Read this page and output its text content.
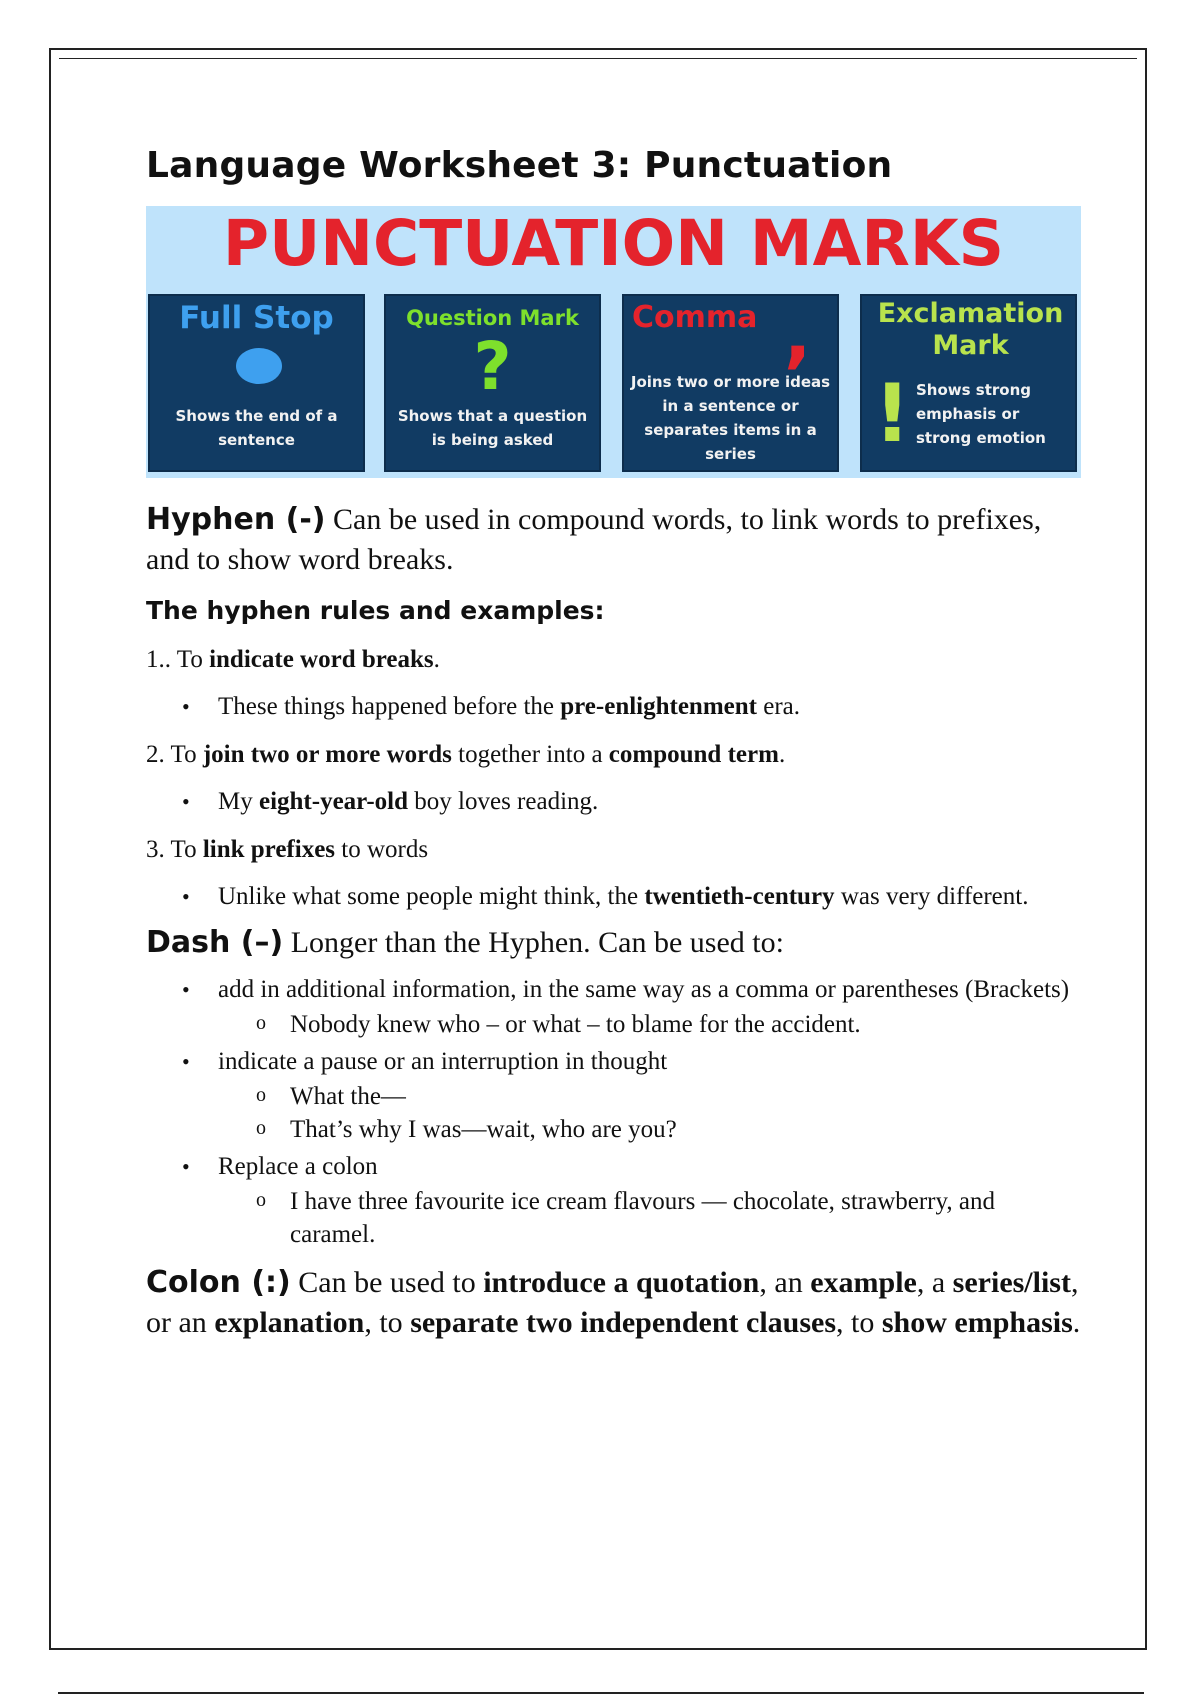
Language Worksheet 3: Punctuation
PUNCTUATION MARKS
Full Stop
Shows the end of a sentence
Question Mark
?
Shows that a question is being asked
Comma ,
Joins two or more ideas in a sentence or separates items in a series
Exclamation Mark
! Shows strong emphasis or strong emotion

Hyphen (-) Can be used in compound words, to link words to prefixes, and to show word breaks.

The hyphen rules and examples:

1.. To indicate word breaks.

• These things happened before the pre-enlightenment era.

2. To join two or more words together into a compound term.

• My eight-year-old boy loves reading.

3. To link prefixes to words

• Unlike what some people might think, the twentieth-century was very different.

Dash (–) Longer than the Hyphen. Can be used to:

• add in additional information, in the same way as a comma or parentheses (Brackets)
o Nobody knew who – or what – to blame for the accident.
• indicate a pause or an interruption in thought
o What the—
o That’s why I was—wait, who are you?
• Replace a colon
o I have three favourite ice cream flavours — chocolate, strawberry, and caramel.

Colon (:) Can be used to introduce a quotation, an example, a series/list, or an explanation, to separate two independent clauses, to show emphasis.
